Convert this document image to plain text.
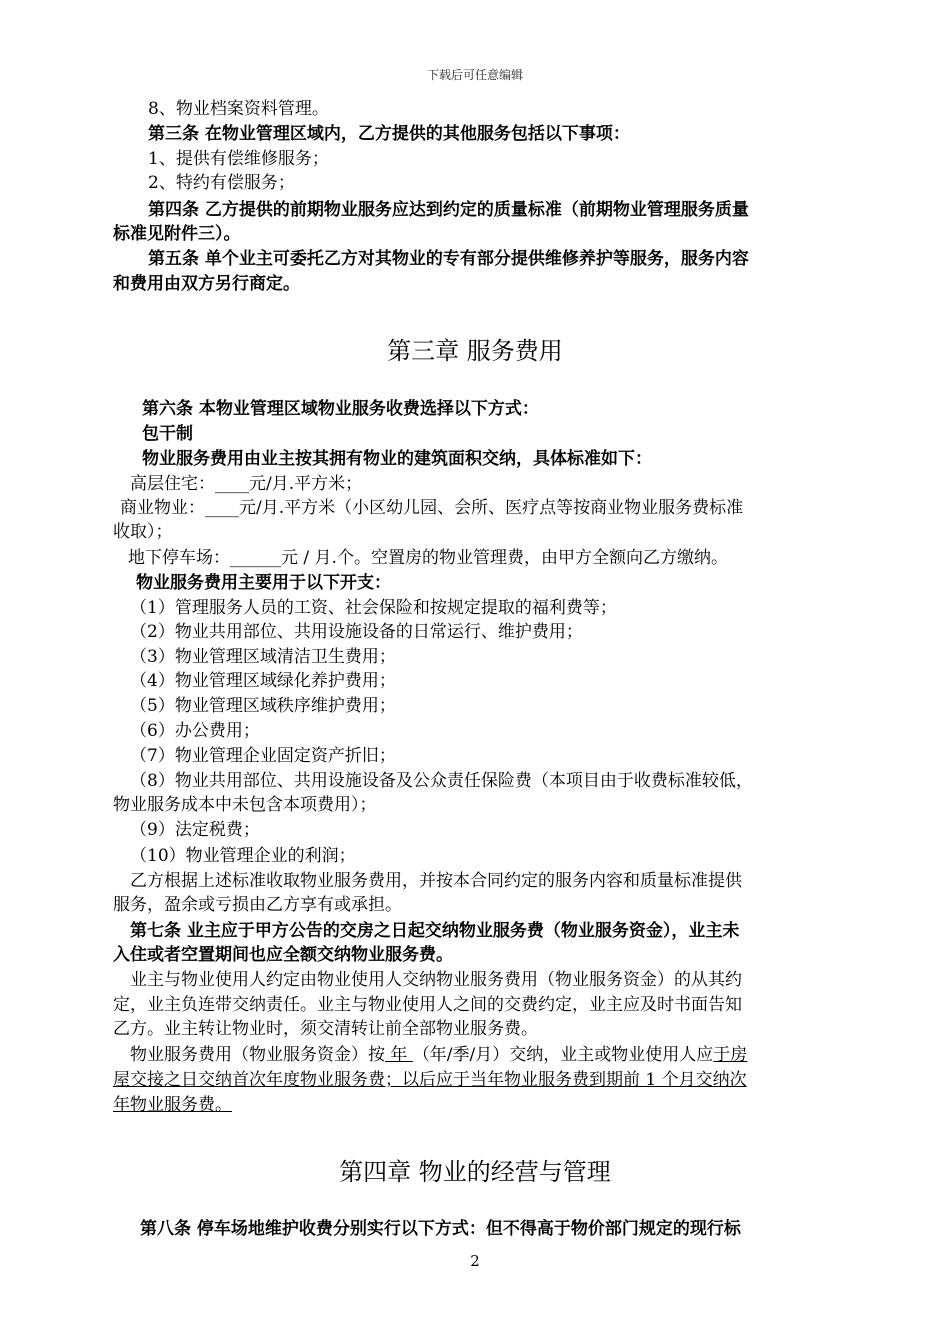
下载后可任意编辑
8、物业档案资料管理。
第三条 在物业管理区域内，乙方提供的其他服务包括以下事项：
1、提供有偿维修服务；
2、特约有偿服务；
第四条 乙方提供的前期物业服务应达到约定的质量标准（前期物业管理服务质量
标准见附件三）。
第五条 单个业主可委托乙方对其物业的专有部分提供维修养护等服务，服务内容
和费用由双方另行商定。
第三章 服务费用
第六条 本物业管理区域物业服务收费选择以下方式：
包干制
物业服务费用由业主按其拥有物业的建筑面积交纳，具体标准如下：
高层住宅：____元/月.平方米；
商业物业：____元/月.平方米（小区幼儿园、会所、医疗点等按商业物业服务费标准
收取）；
地下停车场：______元 / 月.个。空置房的物业管理费，由甲方全额向乙方缴纳。
物业服务费用主要用于以下开支：
（1）管理服务人员的工资、社会保险和按规定提取的福利费等；
（2）物业共用部位、共用设施设备的日常运行、维护费用；
（3）物业管理区域清洁卫生费用；
（4）物业管理区域绿化养护费用；
（5）物业管理区域秩序维护费用；
（6）办公费用；
（7）物业管理企业固定资产折旧；
（8）物业共用部位、共用设施设备及公众责任保险费（本项目由于收费标准较低，
物业服务成本中未包含本项费用）；
（9）法定税费；
（10）物业管理企业的利润；
乙方根据上述标准收取物业服务费用，并按本合同约定的服务内容和质量标准提供
服务，盈余或亏损由乙方享有或承担。
第七条 业主应于甲方公告的交房之日起交纳物业服务费（物业服务资金），业主未
入住或者空置期间也应全额交纳物业服务费。
业主与物业使用人约定由物业使用人交纳物业服务费用（物业服务资金）的从其约
定，业主负连带交纳责任。业主与物业使用人之间的交费约定，业主应及时书面告知
乙方。业主转让物业时，须交清转让前全部物业服务费。
物业服务费用（物业服务资金）按 年 （年/季/月）交纳，业主或物业使用人应于房
屋交接之日交纳首次年度物业服务费；以后应于当年物业服务费到期前 1 个月交纳次
年物业服务费。
第四章 物业的经营与管理
第八条 停车场地维护收费分别实行以下方式：但不得高于物价部门规定的现行标
2
